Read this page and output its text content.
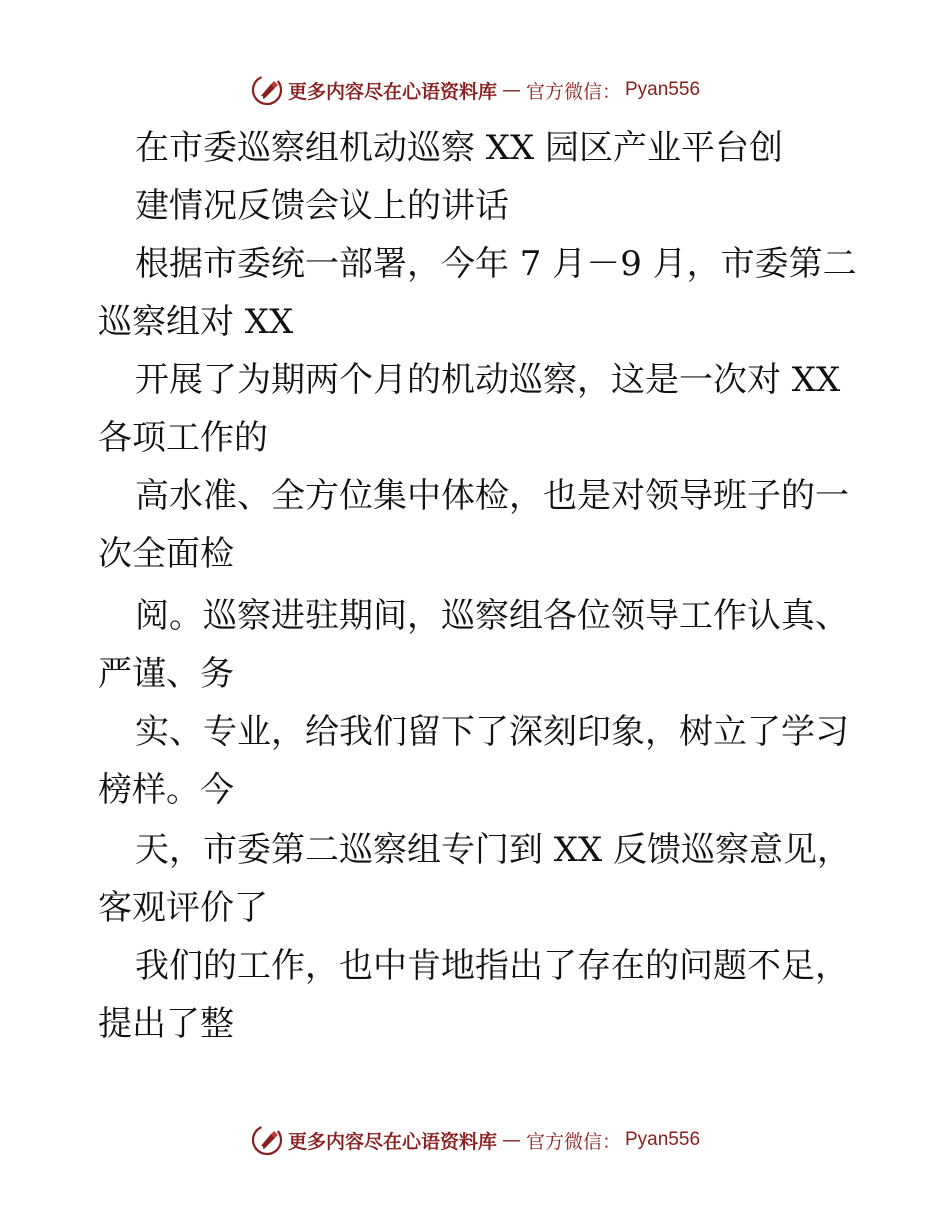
更多内容尽在心语资料库 — 官方微信： Pyan556
在市委巡察组机动巡察 XX 园区产业平台创
建情况反馈会议上的讲话
根据市委统一部署，今年 7 月－9 月，市委第二
巡察组对 XX
开展了为期两个月的机动巡察，这是一次对 XX
各项工作的
高水准、全方位集中体检，也是对领导班子的一
次全面检
阅。巡察进驻期间，巡察组各位领导工作认真、
严谨、务
实、专业，给我们留下了深刻印象，树立了学习
榜样。今
天，市委第二巡察组专门到 XX 反馈巡察意见，
客观评价了
我们的工作，也中肯地指出了存在的问题不足，
提出了整
更多内容尽在心语资料库 — 官方微信： Pyan556
